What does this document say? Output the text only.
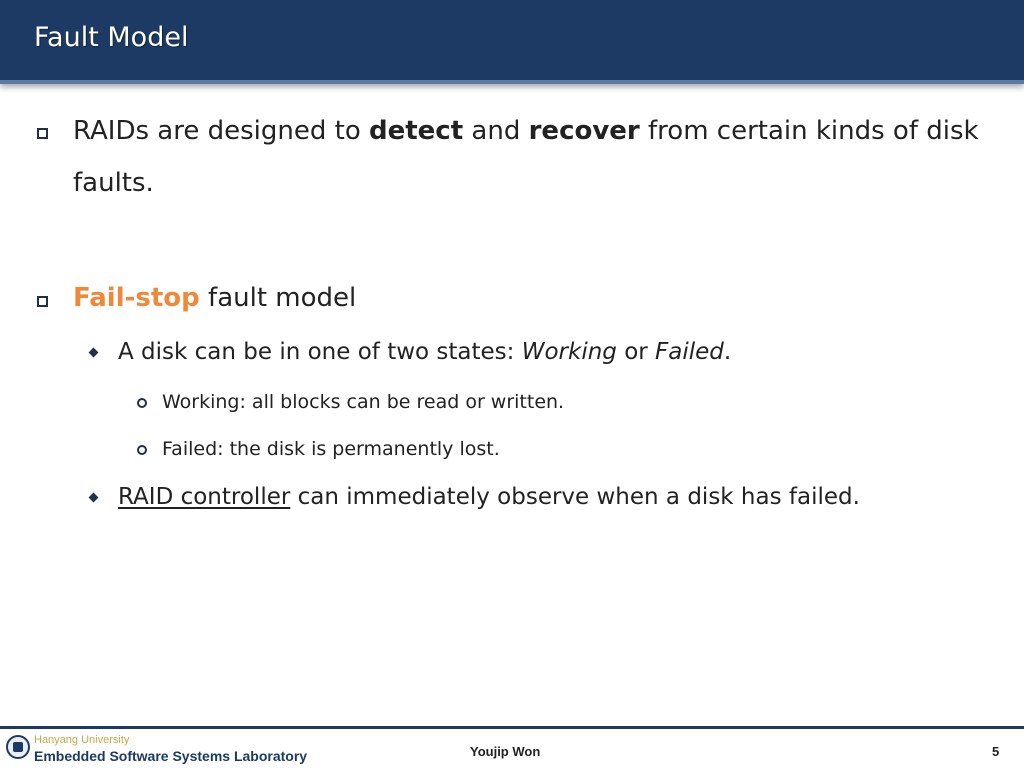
Fault Model
RAIDs are designed to detect and recover from certain kinds of disk
faults.
Fail-stop fault model
A disk can be in one of two states: Working or Failed.
Working: all blocks can be read or written.
Failed: the disk is permanently lost.
RAID controller can immediately observe when a disk has failed.
Hanyang University
Embedded Software Systems Laboratory	Youjip Won	5
